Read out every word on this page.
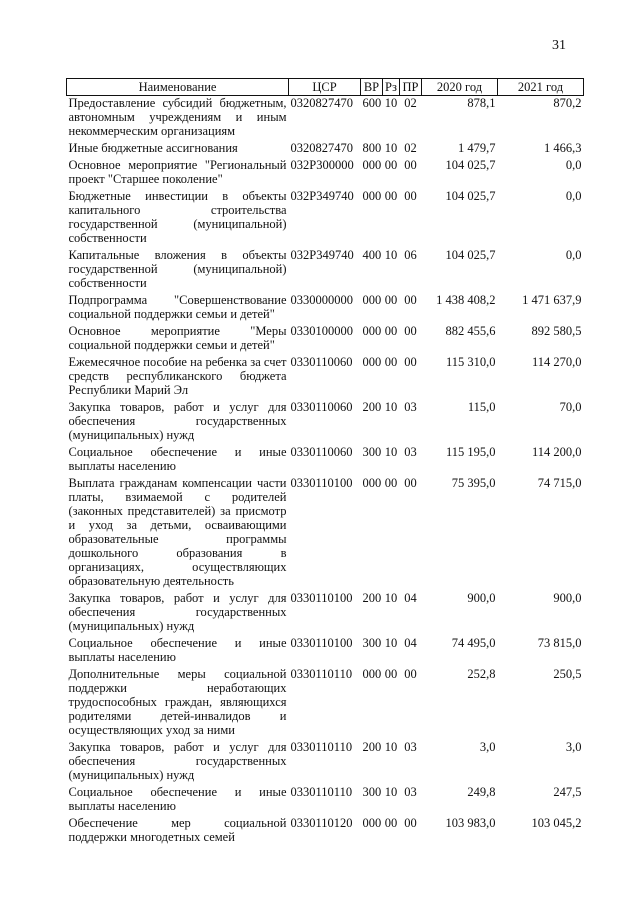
31
Наименование	ЦСР	ВР	Рз	ПР	2020 год	2021 год
Предоставление субсидий бюджетным, автономным учреждениям и иным некоммерческим организациям	0320827470	600	10	02	878,1	870,2
Иные бюджетные ассигнования	0320827470	800	10	02	1 479,7	1 466,3
Основное мероприятие "Региональный проект "Старшее поколение"	032P300000	000	00	00	104 025,7	0,0
Бюджетные инвестиции в объекты капитального строительства государственной (муниципальной) собственности	032P349740	000	00	00	104 025,7	0,0
Капитальные вложения в объекты государственной (муниципальной) собственности	032P349740	400	10	06	104 025,7	0,0
Подпрограмма "Совершенствование социальной поддержки семьи и детей"	0330000000	000	00	00	1 438 408,2	1 471 637,9
Основное мероприятие "Меры социальной поддержки семьи и детей"	0330100000	000	00	00	882 455,6	892 580,5
Ежемесячное пособие на ребенка за счет средств республиканского бюджета Республики Марий Эл	0330110060	000	00	00	115 310,0	114 270,0
Закупка товаров, работ и услуг для обеспечения государственных (муниципальных) нужд	0330110060	200	10	03	115,0	70,0
Социальное обеспечение и иные выплаты населению	0330110060	300	10	03	115 195,0	114 200,0
Выплата гражданам компенсации части платы, взимаемой с родителей (законных представителей) за присмотр и уход за детьми, осваивающими образовательные программы дошкольного образования в организациях, осуществляющих образовательную деятельность	0330110100	000	00	00	75 395,0	74 715,0
Закупка товаров, работ и услуг для обеспечения государственных (муниципальных) нужд	0330110100	200	10	04	900,0	900,0
Социальное обеспечение и иные выплаты населению	0330110100	300	10	04	74 495,0	73 815,0
Дополнительные меры социальной поддержки неработающих трудоспособных граждан, являющихся родителями детей-инвалидов и осуществляющих уход за ними	0330110110	000	00	00	252,8	250,5
Закупка товаров, работ и услуг для обеспечения государственных (муниципальных) нужд	0330110110	200	10	03	3,0	3,0
Социальное обеспечение и иные выплаты населению	0330110110	300	10	03	249,8	247,5
Обеспечение мер социальной поддержки многодетных семей	0330110120	000	00	00	103 983,0	103 045,2
